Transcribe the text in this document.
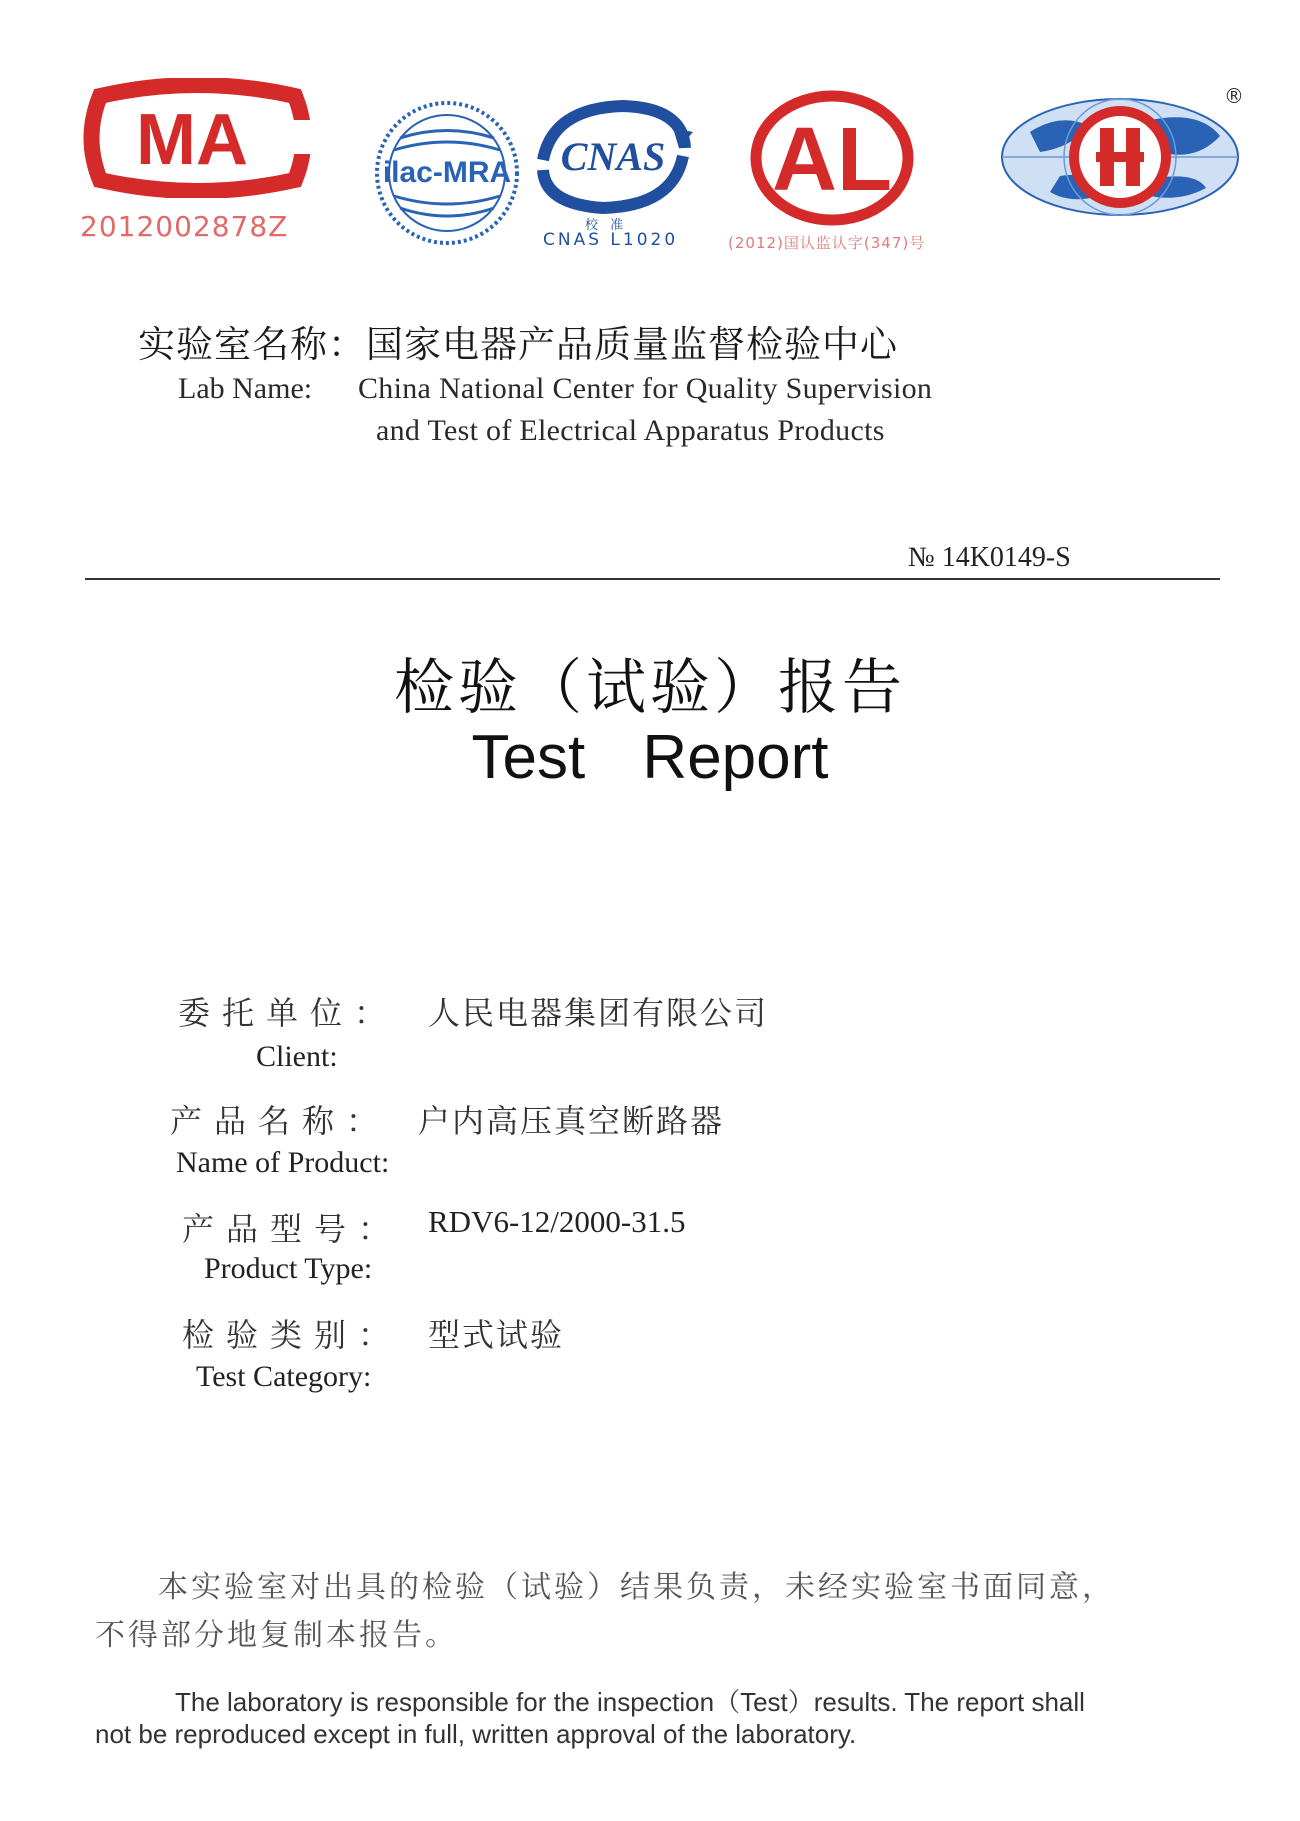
MA
2012002878Z
ilac-MRA CNAS
校 准
CNAS L1020
AL
(2012)国认监认字(347)号
®
实验室名称：国家电器产品质量监督检验中心
Lab Name: China National Center for Quality Supervision
and Test of Electrical Apparatus Products
№ 14K0149-S
检验（试验）报告
Test Report
委托单位： 人民电器集团有限公司
Client:
产品名称： 户内高压真空断路器
Name of Product:
产品型号： RDV6-12/2000-31.5
Product Type:
检验类别： 型式试验
Test Category:
本实验室对出具的检验（试验）结果负责，未经实验室书面同意，
不得部分地复制本报告。
The laboratory is responsible for the inspection（Test）results. The report shall
not be reproduced except in full, written approval of the laboratory.
